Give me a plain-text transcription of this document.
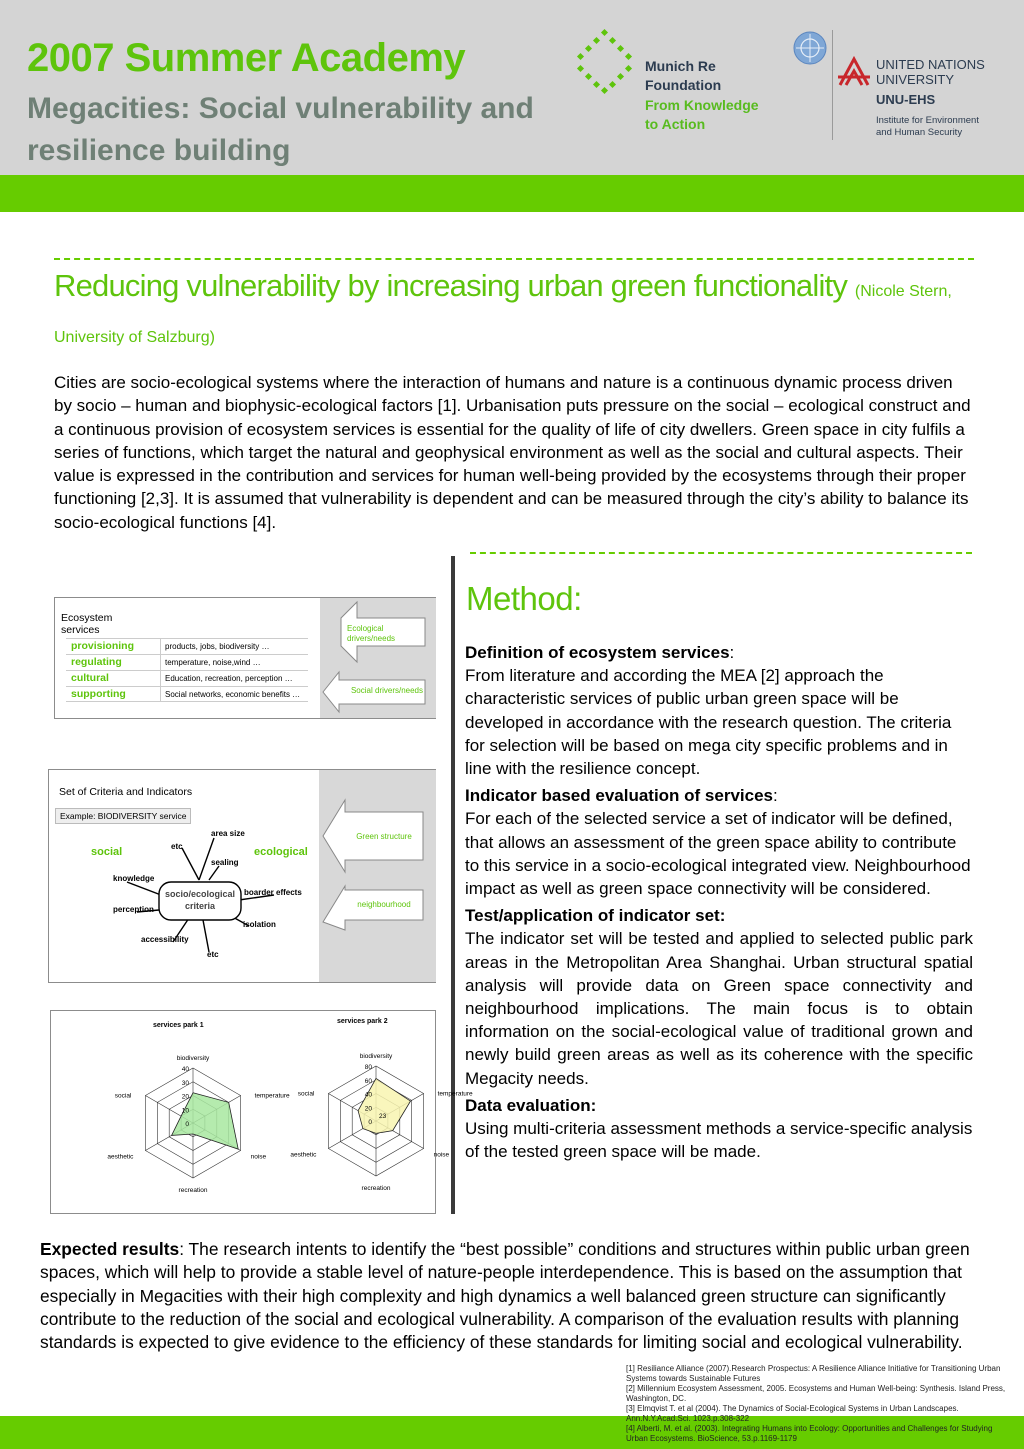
2007 Summer Academy
Megacities: Social vulnerability and resilience building
Munich Re
Foundation
From Knowledge
to Action
UNITED NATIONS
UNIVERSITY
UNU-EHS
Institute for Environment
and Human Security
Reducing vulnerability by increasing urban green functionality (Nicole Stern, University of Salzburg)
Cities are socio-ecological systems where the interaction of humans and nature is a continuous dynamic process driven by socio – human and biophysic-ecological factors [1]. Urbanisation puts pressure on the social – ecological construct and a continuous provision of ecosystem services is essential for the quality of life of city dwellers. Green space in city fulfils a series of functions, which target the natural and geophysical environment as well as the social and cultural aspects. Their value is expressed in the contribution and services for human well-being provided by the ecosystems through their proper functioning [2,3]. It is assumed that vulnerability is dependent and can be measured through the city’s ability to balance its socio-ecological functions [4].
Ecosystem services
provisioning	products, jobs, biodiversity …
regulating	temperature, noise,wind …
cultural	Education, recreation, perception …
supporting	Social networks, economic benefits …
Ecological drivers/needs
Social drivers/needs
Set of Criteria and Indicators
Example: BIODIVERSITY service
social	ecological
socio/ecological
criteria
area size
etc
sealing
knowledge
perception
boarder effects
isolation
accessibility
etc
Green structure
neighbourhood
services park 1
0
10
20
30
40
biodiversity
temperature
noise
recreation
aesthetic
social
services park 2
0
20
40
60
80
biodiversity
temperature
noise
recreation
aesthetic
social
23
Method:

Definition of ecosystem services:

From literature and according the MEA [2] approach the characteristic services of public urban green space will be developed in accordance with the research question. The criteria for selection will be based on mega city specific problems and in line with the resilience concept.

Indicator based evaluation of services:

For each of the selected service a set of indicator will be defined, that allows an assessment of the green space ability to contribute to this service in a socio-ecological integrated view. Neighbourhood impact as well as green space connectivity will be considered.

Test/application of indicator set:

The indicator set will be tested and applied to selected public park areas in the Metropolitan Area Shanghai. Urban structural spatial analysis will provide data on Green space connectivity and neighbourhood implications. The main focus is to obtain information on the social-ecological value of traditional grown and newly build green areas as well as its coherence with the specific Megacity needs.

Data evaluation:

Using multi-criteria assessment methods a service-specific analysis of the tested green space will be made.

Expected results: The research intents to identify the “best possible” conditions and structures within public urban green spaces, which will help to provide a stable level of nature-people interdependence. This is based on the assumption that especially in Megacities with their high complexity and high dynamics a well balanced green structure can significantly contribute to the reduction of the social and ecological vulnerability. A comparison of the evaluation results with planning standards is expected to give evidence to the efficiency of these standards for limiting social and ecological vulnerability.
[1] Resiliance Alliance (2007).Research Prospectus: A Resilience Alliance Initiative for Transitioning Urban Systems towards Sustainable Futures
[2] Millennium Ecosystem Assessment, 2005. Ecosystems and Human Well-being: Synthesis. Island Press, Washington, DC.
[3] Elmqvist T. et al (2004). The Dynamics of Social-Ecological Systems in Urban Landscapes. Ann.N.Y.Acad.Sci. 1023.p.308-322
[4] Alberti, M. et al. (2003). Integrating Humans into Ecology: Opportunities and Challenges for Studying Urban Ecosystems. BioScience, 53.p.1169-1179
